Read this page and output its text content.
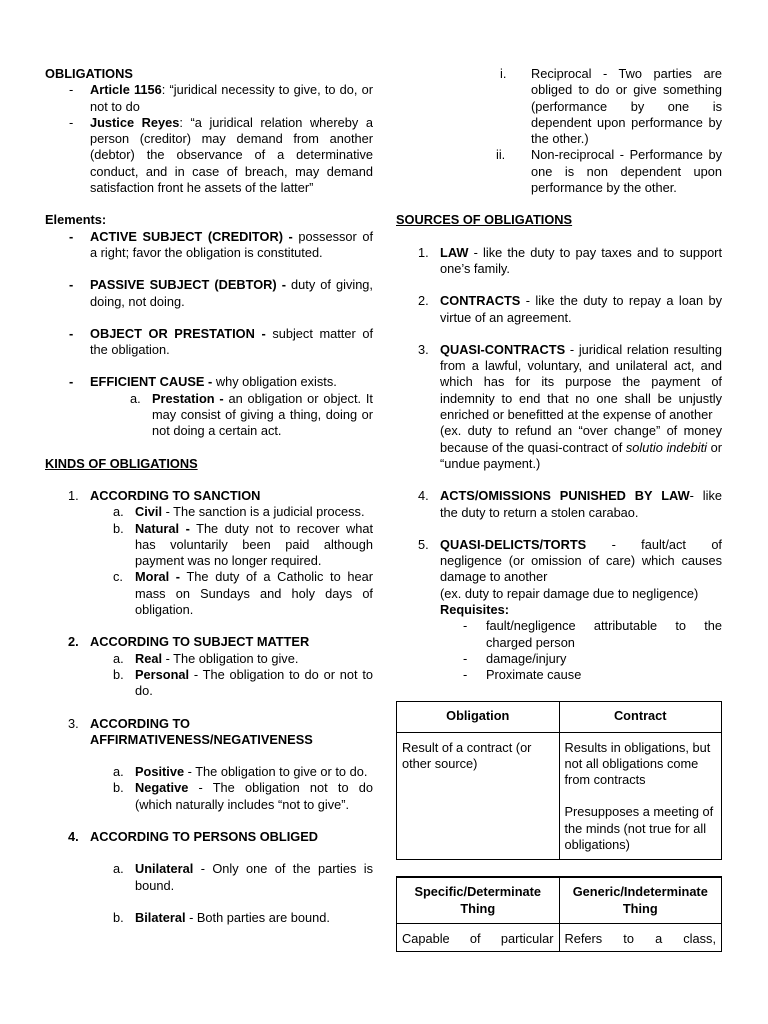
OBLIGATIONS
-	Article 1156: “juridical necessity to give, to do, or not to do
-	Justice Reyes: “a juridical relation whereby a person (creditor) may demand from another (debtor) the observance of a determinative conduct, and in case of breach, may demand satisfaction front he assets of the latter”
Elements:
-	ACTIVE SUBJECT (CREDITOR) - possessor of a right; favor the obligation is constituted.
-	PASSIVE SUBJECT (DEBTOR) - duty of giving, doing, not doing.
-	OBJECT OR PRESTATION - subject matter of the obligation.
-	EFFICIENT CAUSE - why obligation exists.
a. Prestation - an obligation or object. It may consist of giving a thing, doing or not doing a certain act.
KINDS OF OBLIGATIONS
1. ACCORDING TO SANCTION
a. Civil - The sanction is a judicial process.
b. Natural - The duty not to recover what has voluntarily been paid although payment was no longer required.
c. Moral - The duty of a Catholic to hear mass on Sundays and holy days of obligation.
2. ACCORDING TO SUBJECT MATTER
a. Real - The obligation to give.
b. Personal - The obligation to do or not to do.
3. ACCORDING TO
AFFIRMATIVENESS/NEGATIVENESS
a. Positive - The obligation to give or to do.
b. Negative - The obligation not to do (which naturally includes “not to give”.
4. ACCORDING TO PERSONS OBLIGED
a. Unilateral - Only one of the parties is bound.
b. Bilateral - Both parties are bound.
i.	Reciprocal - Two parties are obliged to do or give something (performance by one is dependent upon performance by the other.)
ii.	Non-reciprocal - Performance by one is non dependent upon performance by the other.
SOURCES OF OBLIGATIONS
1. LAW - like the duty to pay taxes and to support one’s family.
2. CONTRACTS - like the duty to repay a loan by virtue of an agreement.
3. QUASI-CONTRACTS - juridical relation resulting from a lawful, voluntary, and unilateral act, and which has for its purpose the payment of indemnity to end that no one shall be unjustly enriched or benefitted at the expense of another
(ex. duty to refund an “over change” of money because of the quasi-contract of solutio indebiti or “undue payment.)
4. ACTS/OMISSIONS PUNISHED BY LAW- like the duty to return a stolen carabao.
5. QUASI-DELICTS/TORTS - fault/act of negligence (or omission of care) which causes damage to another
(ex. duty to repair damage due to negligence)
Requisites:
-	fault/negligence attributable to the charged person
-	damage/injury
-	Proximate cause
Obligation	Contract
Result of a contract (or other source)	Results in obligations, but not all obligations come from contracts
Presupposes a meeting of the minds (not true for all obligations)
Specific/Determinate Thing	Generic/Indeterminate Thing
Capable of particular	Refers to a class,
